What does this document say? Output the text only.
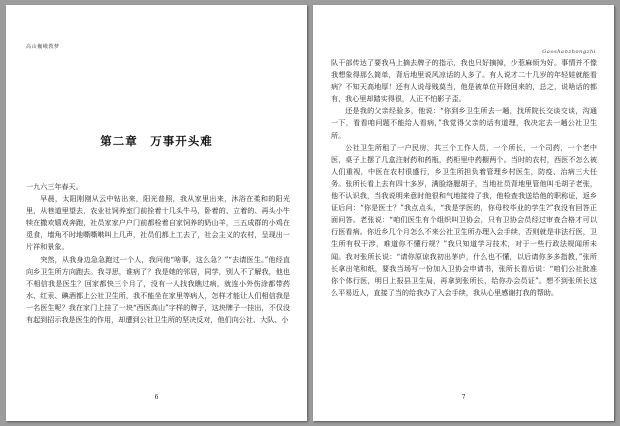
高山巍峨教梦
第二章　万事开头难

一九六三年春天。

早晨，太阳刚刚从云中钻出来，阳光普照，我从家里出来，沐浴在柔和的阳光里，从巷道里望去，农业社饲养室门前拴着十几头牛马，卧着的、立着的、再头小牛犊在撒欢嬉戏奔跑，社员家家户户门前都栓着自家饲养的奶山羊，三五成群的小鸡在觅食，墙角不时地嘶嘶啭叫上几声，社员们都上工去了，社会主义的农村，呈现出一片祥和景象。

突然，从我身边急急跑过一个人，我问他“啥事，这么急？”“去请医生。”他经直向乡卫生所方向跑去。我寻思，谁病了？我是她的邻居，同学，别人不了解我，他也不相信我是医生？回家都快三个月了，没有一人找我瞧过病，就连小外伤涂都带药水、红汞、碘酒都上公社卫生所，我不能坐在家里等病人，怎样才能让人们相信我是一名医生呢？我在家门上挂了一块“西医高山”字样的牌子，这块牌子一挂出，不仅没有起到招示我是医生的作用，却遭到公社卫生所的坚决反对，他们向公社、大队、小

6
Gaoshanzhongzhi

队干部传达了要我马上摘去牌子的指示，我也只好摘掉，少惹麻烦为好。事情并不像我想象得那么简单，背后地里说风凉话的人多了。有人说才二十几岁的年轻娃就能看病？不知天高地厚！还有人说母贱莫当，他是被单位开除回来的，总之，说啥话的都有，我心里却踏实得很，人正不怕影子歪。

还是我的父亲经验多，他说：“你到乡卫生所去一趟，找所院长交谈交谈，沟通一下，看看咱问题不能给人看病，”我觉得父亲的话有道理，我决定去一趟公社卫生所。

公社卫生所租了一户民房，共三个工作人员，一个所长，一个司药，一个老中医，桌子上摆了几盒注射药和药瓶，药柜里中药橱两个。当时的农村，西医不怎么被人们重视，中医在农村很盛行，乡卫生所担负着管理乡村医生，防疫、治病三大任务。张所长看上去有四十多岁，满脸络腮胡子，当地社员背地里管他叫毛胡子老张，他不认识我，当我说明来意时他很和气地接待了我，他检查我送给他的职称证，返乡证后问：“你是医士？”我点点头，“我是学医的，你母校毕业的学生?”我没有回答正面问答。老张说：“咱们医生有个组织叫卫协会，只有卫协会员经过审查合格才可以行医看病。你近乡几个月怎么不来公社卫生所办理入会手续，否则就是非法行医，卫生所有权干涉，难道你不懂行规？”我只知道学习技术，对于一些行政法规闻所未闻。我对张所长说：“请你原谅我初出茅庐，什么也不懂，以后请你多多指教，”张所长拿出笔和纸，要我当场写一份加入卫协会申请书，张所长看后说：“咱们公社批准你个体行医，明日上报县卫生局，再拿到张所长，给你办会员证”。想不到张所长这么平易近人，直接了当的给我办了入会手续，我从心里感谢打我的帮助。

7
